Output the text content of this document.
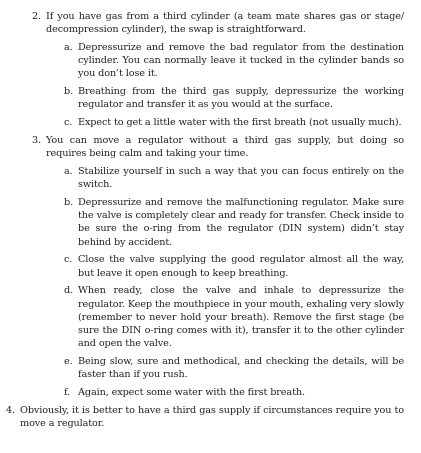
2. If you have gas from a third cylinder (a team mate shares gas or stage/ decompression cylinder), the swap is straightforward.
a. Depressurize and remove the bad regulator from the destination cylinder. You can normally leave it tucked in the cylinder bands so you don’t lose it.
b. Breathing from the third gas supply, depressurize the working regulator and transfer it as you would at the surface.
c. Expect to get a little water with the first breath (not usually much).
3. You can move a regulator without a third gas supply, but doing so requires being calm and taking your time.
a. Stabilize yourself in such a way that you can focus entirely on the switch.
b. Depressurize and remove the malfunctioning regulator. Make sure the valve is completely clear and ready for transfer. Check inside to be sure the o-ring from the regulator (DIN system) didn’t stay behind by accident.
c. Close the valve supplying the good regulator almost all the way, but leave it open enough to keep breathing.
d. When ready, close the valve and inhale to depressurize the regulator. Keep the mouthpiece in your mouth, exhaling very slowly (remember to never hold your breath). Remove the first stage (be sure the DIN o-ring comes with it), transfer it to the other cylinder and open the valve.
e. Being slow, sure and methodical, and checking the details, will be faster than if you rush.
f. Again, expect some water with the first breath.
4. Obviously, it is better to have a third gas supply if circumstances require you to move a regulator.
